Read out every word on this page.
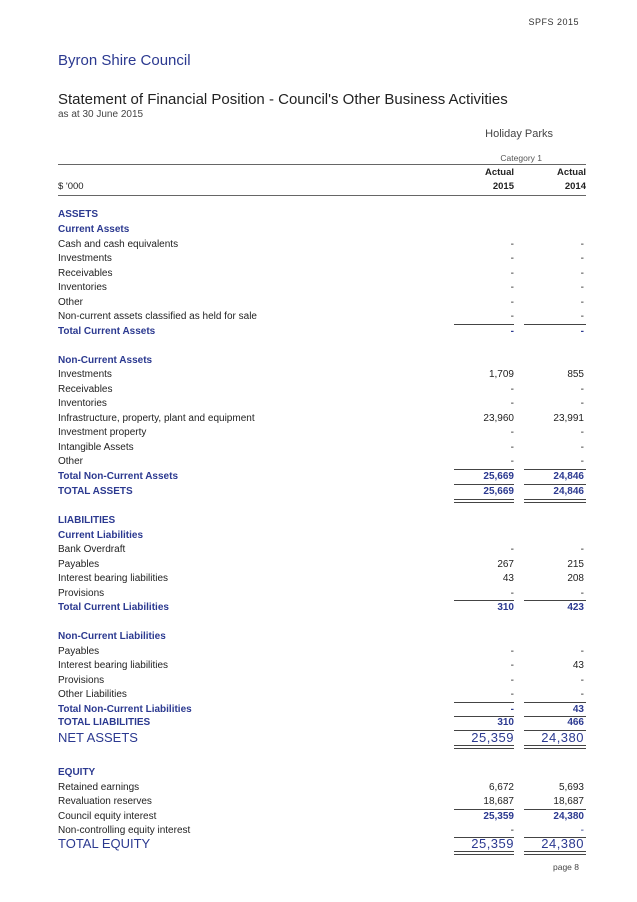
SPFS 2015
Byron Shire Council
Statement of Financial Position - Council's Other Business Activities
as at 30 June 2015
Holiday Parks
Category 1
Actual
2015
Actual
2014
$ '000
ASSETS
Current Assets
Cash and cash equivalents	-	-
Investments	-	-
Receivables	-	-
Inventories	-	-
Other	-	-
Non-current assets classified as held for sale	-	-
Total Current Assets	-	-
Non-Current Assets
Investments	1,709	855
Receivables	-	-
Inventories	-	-
Infrastructure, property, plant and equipment	23,960	23,991
Investment property	-	-
Intangible Assets	-	-
Other	-	-
Total Non-Current Assets	25,669	24,846
TOTAL ASSETS	25,669	24,846
LIABILITIES
Current Liabilities
Bank Overdraft	-	-
Payables	267	215
Interest bearing liabilities	43	208
Provisions	-	-
Total Current Liabilities	310	423
Non-Current Liabilities
Payables	-	-
Interest bearing liabilities	-	43
Provisions	-	-
Other Liabilities	-	-
Total Non-Current Liabilities	-	43
TOTAL LIABILITIES	310	466
NET ASSETS	25,359	24,380
EQUITY
Retained earnings	6,672	5,693
Revaluation reserves	18,687	18,687
Council equity interest	25,359	24,380
Non-controlling equity interest	-	-
TOTAL EQUITY	25,359	24,380
page 8
